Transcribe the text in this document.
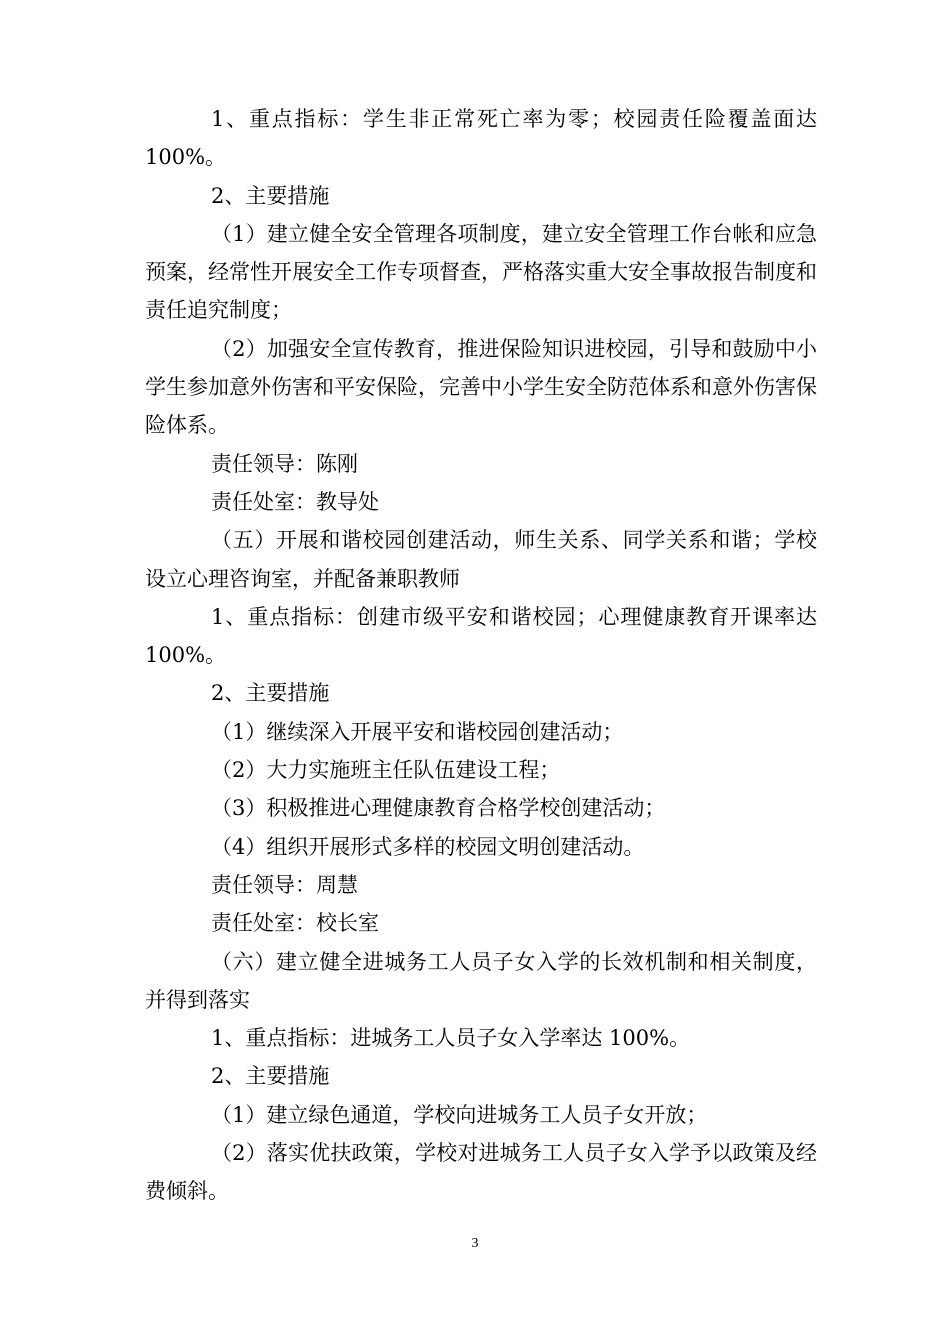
1、重点指标：学生非正常死亡率为零；校园责任险覆盖面达100%。

2、主要措施

（1）建立健全安全管理各项制度，建立安全管理工作台帐和应急预案，经常性开展安全工作专项督查，严格落实重大安全事故报告制度和责任追究制度；

（2）加强安全宣传教育，推进保险知识进校园，引导和鼓励中小学生参加意外伤害和平安保险，完善中小学生安全防范体系和意外伤害保险体系。

责任领导：陈刚

责任处室：教导处

（五）开展和谐校园创建活动，师生关系、同学关系和谐；学校设立心理咨询室，并配备兼职教师

1、重点指标：创建市级平安和谐校园；心理健康教育开课率达 100%。

2、主要措施

（1）继续深入开展平安和谐校园创建活动；

（2）大力实施班主任队伍建设工程；

（3）积极推进心理健康教育合格学校创建活动；

（4）组织开展形式多样的校园文明创建活动。

责任领导：周慧

责任处室：校长室

（六）建立健全进城务工人员子女入学的长效机制和相关制度，并得到落实

1、重点指标：进城务工人员子女入学率达 100%。

2、主要措施

（1）建立绿色通道，学校向进城务工人员子女开放；

（2）落实优扶政策，学校对进城务工人员子女入学予以政策及经费倾斜。

3
